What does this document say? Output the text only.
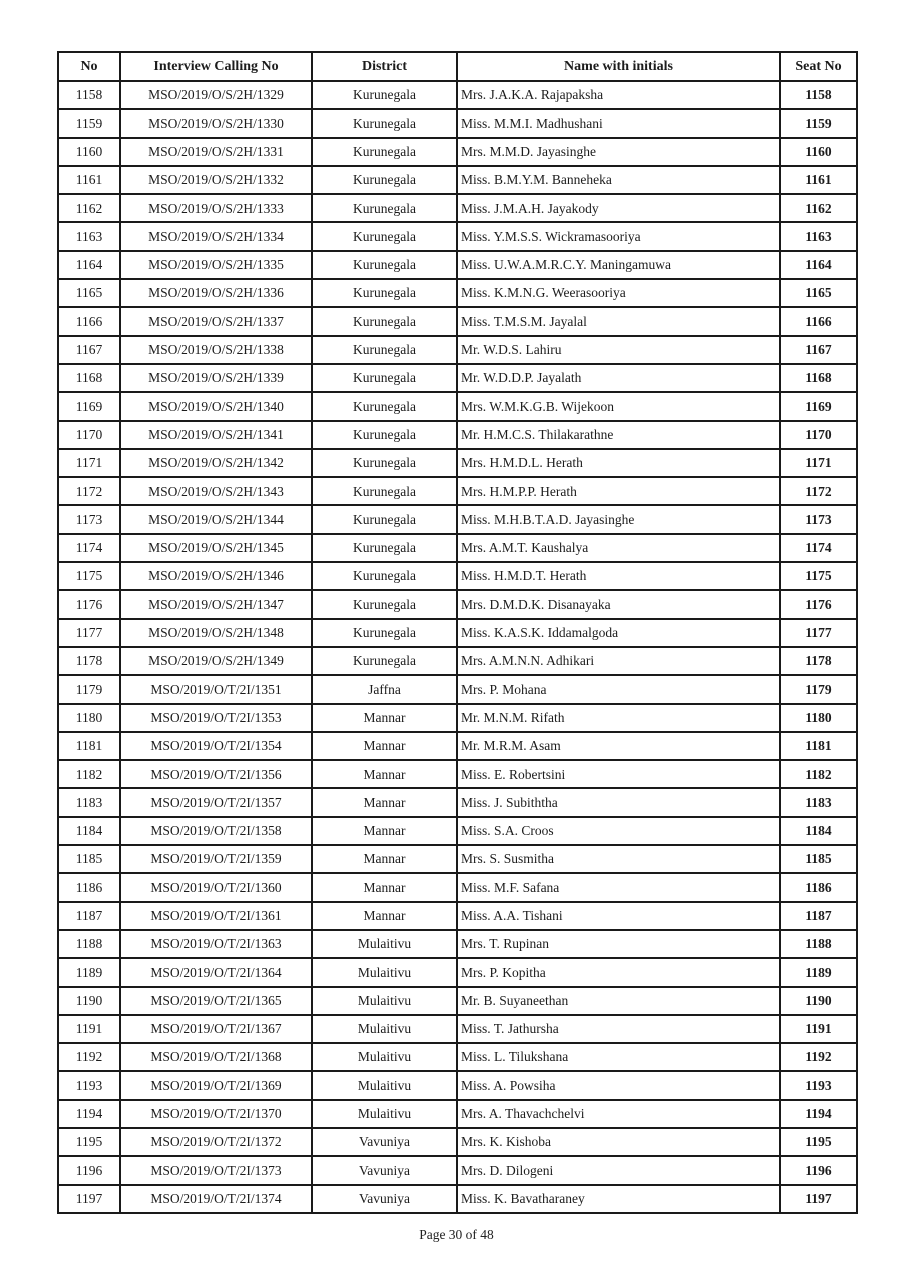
No	Interview Calling No	District	Name with initials	Seat No
1158	MSO/2019/O/S/2H/1329	Kurunegala	Mrs. J.A.K.A. Rajapaksha	1158
1159	MSO/2019/O/S/2H/1330	Kurunegala	Miss. M.M.I. Madhushani	1159
1160	MSO/2019/O/S/2H/1331	Kurunegala	Mrs. M.M.D. Jayasinghe	1160
1161	MSO/2019/O/S/2H/1332	Kurunegala	Miss. B.M.Y.M. Banneheka	1161
1162	MSO/2019/O/S/2H/1333	Kurunegala	Miss. J.M.A.H. Jayakody	1162
1163	MSO/2019/O/S/2H/1334	Kurunegala	Miss. Y.M.S.S. Wickramasooriya	1163
1164	MSO/2019/O/S/2H/1335	Kurunegala	Miss. U.W.A.M.R.C.Y. Maningamuwa	1164
1165	MSO/2019/O/S/2H/1336	Kurunegala	Miss. K.M.N.G. Weerasooriya	1165
1166	MSO/2019/O/S/2H/1337	Kurunegala	Miss. T.M.S.M. Jayalal	1166
1167	MSO/2019/O/S/2H/1338	Kurunegala	Mr. W.D.S. Lahiru	1167
1168	MSO/2019/O/S/2H/1339	Kurunegala	Mr. W.D.D.P. Jayalath	1168
1169	MSO/2019/O/S/2H/1340	Kurunegala	Mrs. W.M.K.G.B. Wijekoon	1169
1170	MSO/2019/O/S/2H/1341	Kurunegala	Mr. H.M.C.S. Thilakarathne	1170
1171	MSO/2019/O/S/2H/1342	Kurunegala	Mrs. H.M.D.L. Herath	1171
1172	MSO/2019/O/S/2H/1343	Kurunegala	Mrs. H.M.P.P. Herath	1172
1173	MSO/2019/O/S/2H/1344	Kurunegala	Miss. M.H.B.T.A.D. Jayasinghe	1173
1174	MSO/2019/O/S/2H/1345	Kurunegala	Mrs. A.M.T. Kaushalya	1174
1175	MSO/2019/O/S/2H/1346	Kurunegala	Miss. H.M.D.T. Herath	1175
1176	MSO/2019/O/S/2H/1347	Kurunegala	Mrs. D.M.D.K. Disanayaka	1176
1177	MSO/2019/O/S/2H/1348	Kurunegala	Miss. K.A.S.K. Iddamalgoda	1177
1178	MSO/2019/O/S/2H/1349	Kurunegala	Mrs. A.M.N.N. Adhikari	1178
1179	MSO/2019/O/T/2I/1351	Jaffna	Mrs. P. Mohana	1179
1180	MSO/2019/O/T/2I/1353	Mannar	Mr. M.N.M. Rifath	1180
1181	MSO/2019/O/T/2I/1354	Mannar	Mr. M.R.M. Asam	1181
1182	MSO/2019/O/T/2I/1356	Mannar	Miss. E. Robertsini	1182
1183	MSO/2019/O/T/2I/1357	Mannar	Miss. J. Subiththa	1183
1184	MSO/2019/O/T/2I/1358	Mannar	Miss. S.A. Croos	1184
1185	MSO/2019/O/T/2I/1359	Mannar	Mrs. S. Susmitha	1185
1186	MSO/2019/O/T/2I/1360	Mannar	Miss. M.F. Safana	1186
1187	MSO/2019/O/T/2I/1361	Mannar	Miss. A.A. Tishani	1187
1188	MSO/2019/O/T/2I/1363	Mulaitivu	Mrs. T. Rupinan	1188
1189	MSO/2019/O/T/2I/1364	Mulaitivu	Mrs. P. Kopitha	1189
1190	MSO/2019/O/T/2I/1365	Mulaitivu	Mr. B. Suyaneethan	1190
1191	MSO/2019/O/T/2I/1367	Mulaitivu	Miss. T. Jathursha	1191
1192	MSO/2019/O/T/2I/1368	Mulaitivu	Miss. L. Tilukshana	1192
1193	MSO/2019/O/T/2I/1369	Mulaitivu	Miss. A. Powsiha	1193
1194	MSO/2019/O/T/2I/1370	Mulaitivu	Mrs. A. Thavachchelvi	1194
1195	MSO/2019/O/T/2I/1372	Vavuniya	Mrs. K. Kishoba	1195
1196	MSO/2019/O/T/2I/1373	Vavuniya	Mrs. D. Dilogeni	1196
1197	MSO/2019/O/T/2I/1374	Vavuniya	Miss. K. Bavatharaney	1197
Page 30 of 48
